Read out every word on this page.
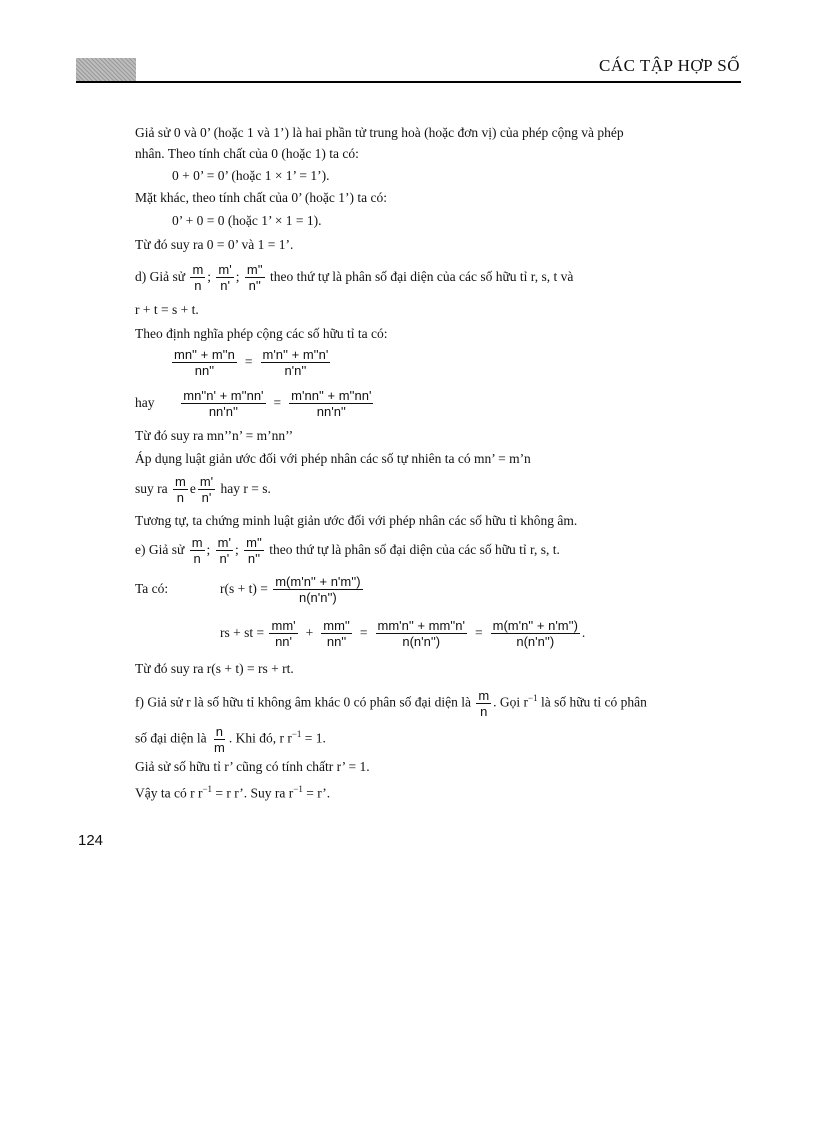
CÁC TẬP HỢP SỐ
Giả sử 0 và 0’ (hoặc 1 và 1’) là hai phần tử trung hoà (hoặc đơn vị) của phép cộng và phép
nhân. Theo tính chất của 0 (hoặc 1) ta có:
0 + 0’ = 0’ (hoặc 1 × 1’ = 1’).
Mặt khác, theo tính chất của 0’ (hoặc 1’) ta có:
0’ + 0 = 0 (hoặc 1’ × 1 = 1).
Từ đó suy ra 0 = 0’ và 1 = 1’.
d) Giả sử $\frac{m}{n}$ ; $\frac{m'}{n'}$ ; $\frac{m''}{n''}$ theo thứ tự là phân số đại diện của các số hữu tỉ r, s, t và
r + t = s + t.
Theo định nghĩa phép cộng các số hữu tỉ ta có:
$\frac{mn'' + m''n}{nn''} = \frac{m'n'' + m''n'}{n'n''}$
hay $\frac{mn''n' + m''nn'}{nn'n''} = \frac{m'nn'' + m''nn'}{nn'n''}$
Từ đó suy ra mn’’n’ = m’nn’’
Áp dụng luật giản ước đối với phép nhân các số tự nhiên ta có mn’ = m’n
suy ra $\frac{m}{n}$ e $\frac{m'}{n'}$ hay r = s.
Tương tự, ta chứng minh luật giản ước đối với phép nhân các số hữu tỉ không âm.
e) Giả sử $\frac{m}{n}$ ; $\frac{m'}{n'}$ ; $\frac{m''}{n''}$ theo thứ tự là phân số đại diện của các số hữu tỉ r, s, t.
Ta có:	$r(s + t) = \frac{m(m'n'' + n'm'')}{n(n'n'')}$
rs + st = $\frac{mm'}{nn'} + \frac{mm''}{nn''} = \frac{mm'n'' + mm''n'}{n(n'n'')} = \frac{m(m'n'' + n'm'')}{n(n'n'')}$ .
Từ đó suy ra r(s + t) = rs + rt.
f) Giả sử r là số hữu tỉ không âm khác 0 có phân số đại diện là $\frac{m}{n}$ . Gọi $r^{-1}$ là số hữu tỉ có phân
số đại diện là $\frac{n}{m}$ . Khi đó, r $r^{-1} = 1$.
Giả sử số hữu tỉ r’ cũng có tính chấtr r’ = 1.
Vậy ta có r $r^{-1} = r$ r’. Suy ra $r^{-1} = r$’.
124
